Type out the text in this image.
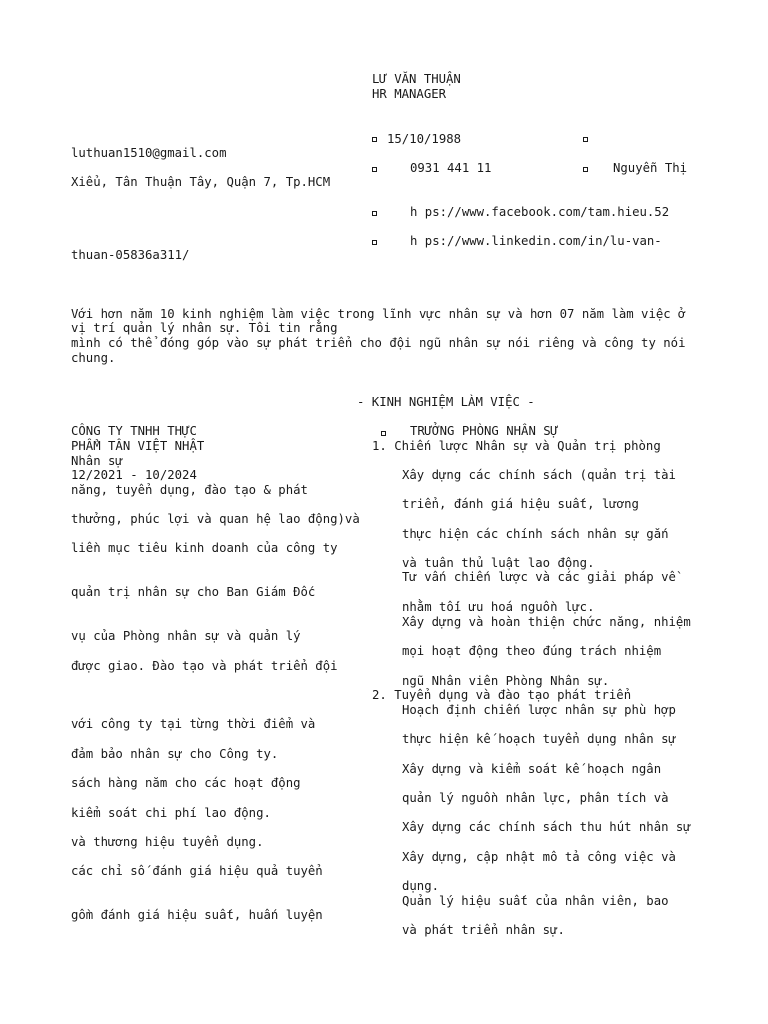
LƯ VĂN THUẬN
HR MANAGER
15/10/1988
luthuan1510@gmail.com
0931 441 11	Nguyễn Thị
Xiểu, Tân Thuận Tây, Quận 7, Tp.HCM
h ps://www.facebook.com/tam.hieu.52
h ps://www.linkedin.com/in/lu-van-
thuan-05836a311/
Với hơn năm 10 kinh nghiệm làm việc trong lĩnh vực nhân sự và hơn 07 năm làm việc ở
vị trí quản lý nhân sự. Tôi tin rằng
mình có thể đóng góp vào sự phát triển cho đội ngũ nhân sự nói riêng và công ty nói
chung.
- KINH NGHIỆM LÀM VIỆC -
CÔNG TY TNHH THỰC
PHẨM TÂN VIỆT NHẬT
Nhân sự
12/2021 - 10/2024
TRƯỞNG PHÒNG NHÂN SỰ
1. Chiến lược Nhân sự và Quản trị phòng
2. Tuyển dụng và đào tạo phát triển
Xây dựng các chính sách (quản trị tài
triển, đánh giá hiệu suất, lương
thực hiện các chính sách nhân sự gắn
và tuân thủ luật lao động.
Tư vấn chiến lược và các giải pháp về
nhằm tối ưu hoá nguồn lực.
Xây dựng và hoàn thiện chức năng, nhiệm
mọi hoạt động theo đúng trách nhiệm
ngũ Nhân viên Phòng Nhân sự.
Hoạch định chiến lược nhân sự phù hợp
thực hiện kế hoạch tuyển dụng nhân sự
Xây dựng và kiểm soát kế hoạch ngân
quản lý nguồn nhân lực, phân tích và
Xây dựng các chính sách thu hút nhân sự
Xây dựng, cập nhật mô tả công việc và
dụng.
Quản lý hiệu suất của nhân viên, bao
và phát triển nhân sự.
năng, tuyển dụng, đào tạo & phát
thưởng, phúc lợi và quan hệ lao động)và
liền mục tiêu kinh doanh của công ty
quản trị nhân sự cho Ban Giám Đốc
vụ của Phòng nhân sự và quản lý
được giao. Đào tạo và phát triển đội
với công ty tại từng thời điểm và
đảm bảo nhân sự cho Công ty.
sách hàng năm cho các hoạt động
kiểm soát chi phí lao động.
và thương hiệu tuyển dụng.
các chỉ số đánh giá hiệu quả tuyển
gồm đánh giá hiệu suất, huấn luyện
